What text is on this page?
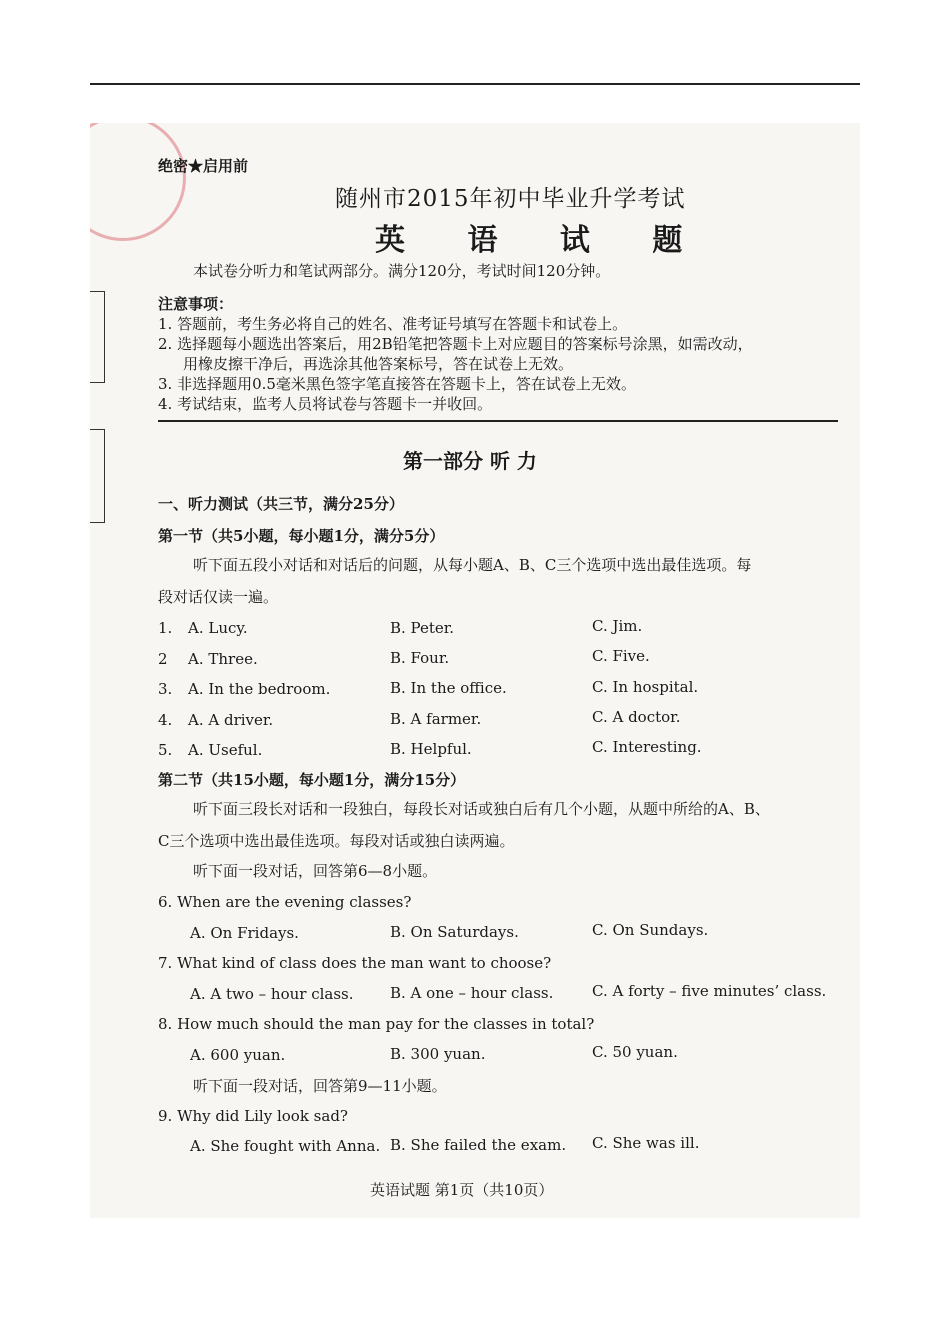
绝密★启用前
随州市2015年初中毕业升学考试
英 语 试 题
本试卷分听力和笔试两部分。满分120分，考试时间120分钟。
注意事项：
1. 答题前，考生务必将自己的姓名、准考证号填写在答题卡和试卷上。
2. 选择题每小题选出答案后，用2B铅笔把答题卡上对应题目的答案标号涂黑，如需改动，
用橡皮擦干净后，再选涂其他答案标号，答在试卷上无效。
3. 非选择题用0.5毫米黑色签字笔直接答在答题卡上，答在试卷上无效。
4. 考试结束，监考人员将试卷与答题卡一并收回。
第一部分 听 力
一、听力测试（共三节，满分25分）
第一节（共5小题，每小题1分，满分5分）
听下面五段小对话和对话后的问题，从每小题A、B、C三个选项中选出最佳选项。每
段对话仅读一遍。
1. A. Lucy.	B. Peter.	C. Jim.
2 A. Three.	B. Four.	C. Five.
3. A. In the bedroom.	B. In the office.	C. In hospital.
4. A. A driver.	B. A farmer.	C. A doctor.
5. A. Useful.	B. Helpful.	C. Interesting.
第二节（共15小题，每小题1分，满分15分）
听下面三段长对话和一段独白，每段长对话或独白后有几个小题，从题中所给的A、B、
C三个选项中选出最佳选项。每段对话或独白读两遍。
听下面一段对话，回答第6—8小题。
6. When are the evening classes?
A. On Fridays.	B. On Saturdays.	C. On Sundays.
7. What kind of class does the man want to choose?
A. A two – hour class. B. A one – hour class.	C. A forty – five minutes’ class.
8. How much should the man pay for the classes in total?
A. 600 yuan.	B. 300 yuan.	C. 50 yuan.
听下面一段对话，回答第9—11小题。
9. Why did Lily look sad?
A. She fought with Anna. B. She failed the exam. C. She was ill.
英语试题 第1页（共10页）
